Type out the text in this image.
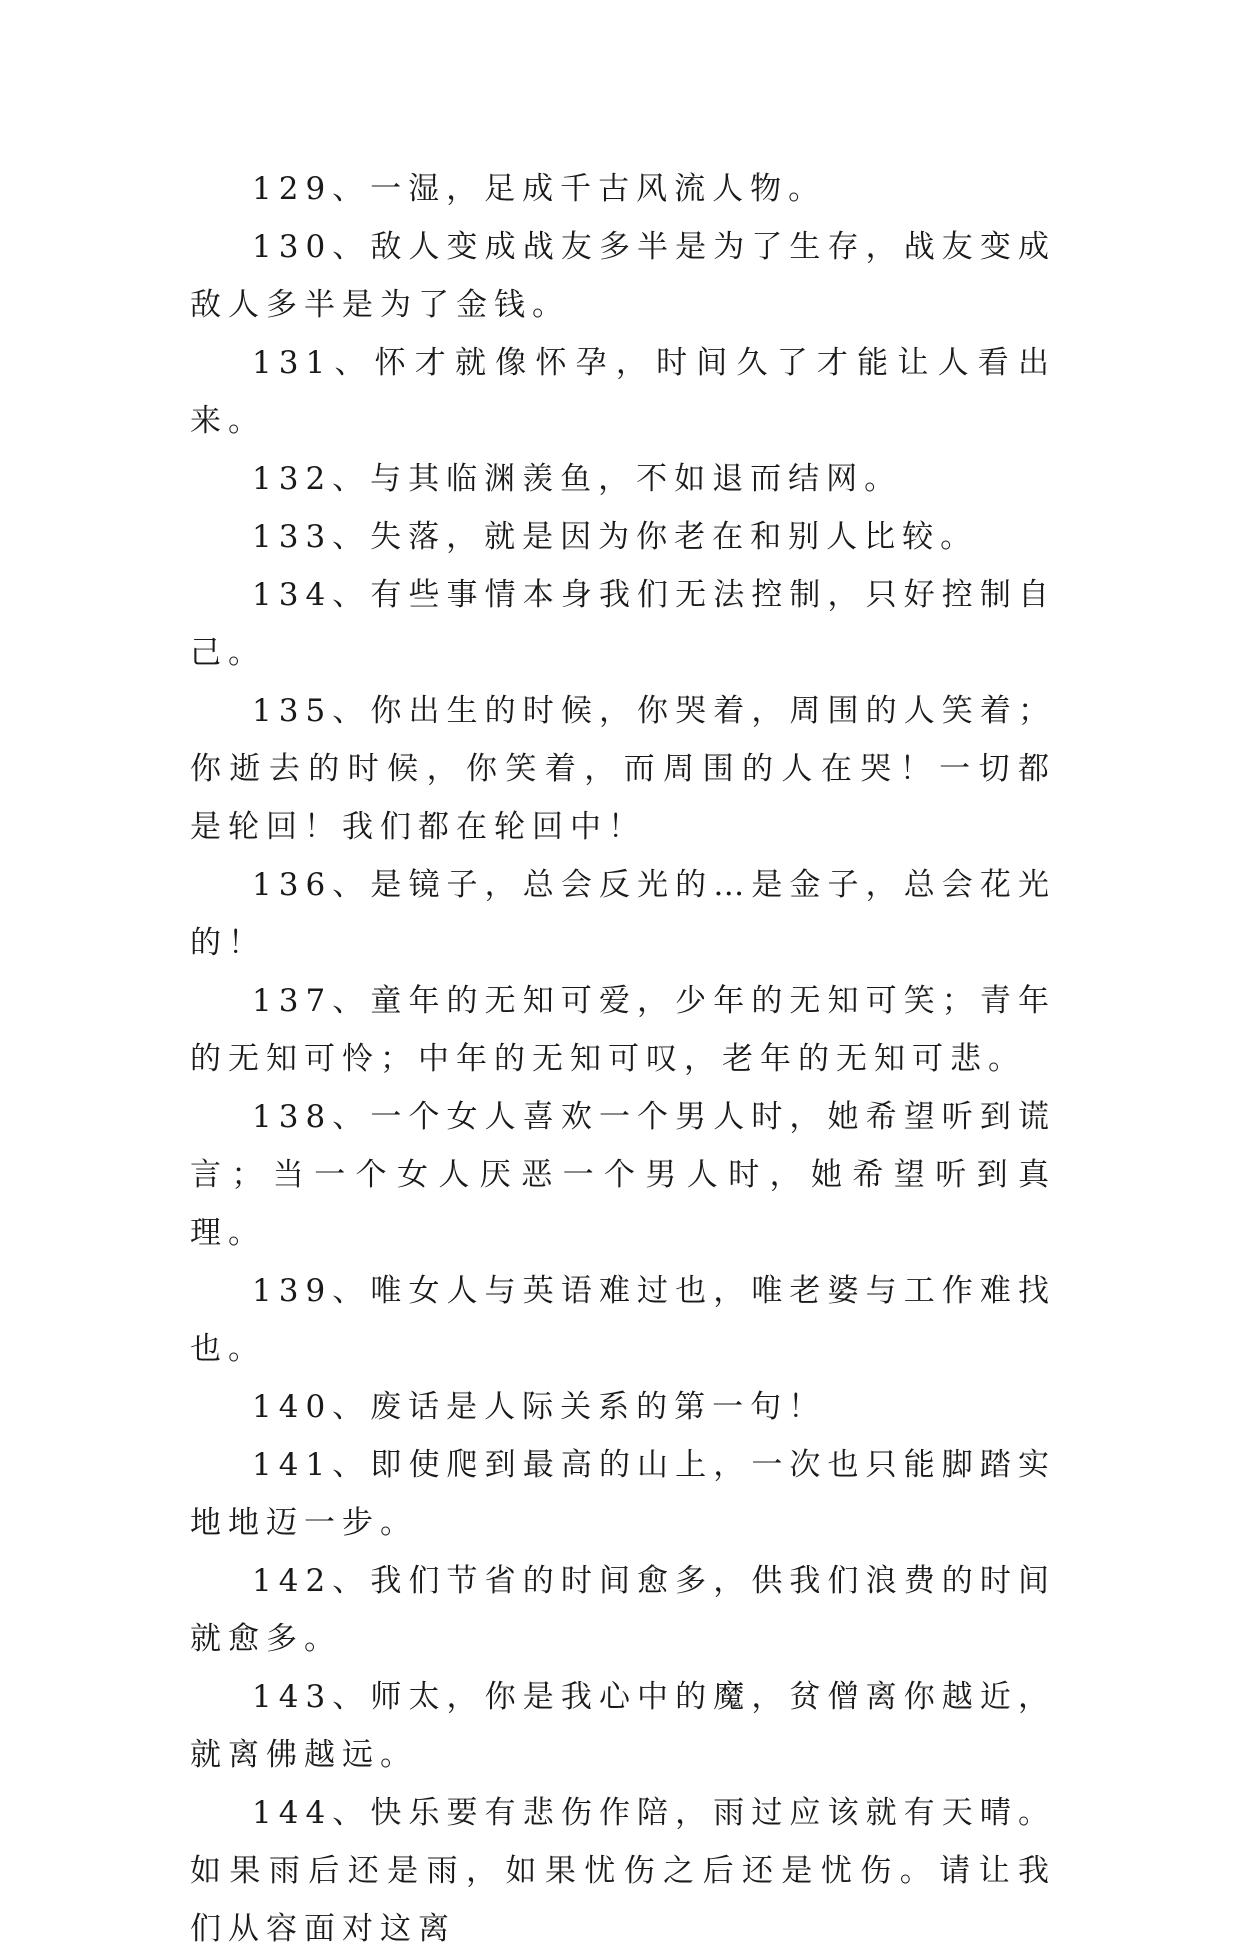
129、一湿，足成千古风流人物。

130、敌人变成战友多半是为了生存，战友变成敌人多半是为了金钱。

131、怀才就像怀孕，时间久了才能让人看出来。

132、与其临渊羡鱼，不如退而结网。

133、失落，就是因为你老在和别人比较。

134、有些事情本身我们无法控制，只好控制自己。

135、你出生的时候，你哭着，周围的人笑着；你逝去的时候，你笑着，而周围的人在哭！一切都是轮回！我们都在轮回中！

136、是镜子，总会反光的…是金子，总会花光的！

137、童年的无知可爱，少年的无知可笑；青年的无知可怜；中年的无知可叹，老年的无知可悲。

138、一个女人喜欢一个男人时，她希望听到谎言；当一个女人厌恶一个男人时，她希望听到真理。

139、唯女人与英语难过也，唯老婆与工作难找也。

140、废话是人际关系的第一句！

141、即使爬到最高的山上，一次也只能脚踏实地地迈一步。

142、我们节省的时间愈多，供我们浪费的时间就愈多。

143、师太，你是我心中的魔，贫僧离你越近，就离佛越远。

144、快乐要有悲伤作陪，雨过应该就有天晴。如果雨后还是雨，如果忧伤之后还是忧伤。请让我们从容面对这离
